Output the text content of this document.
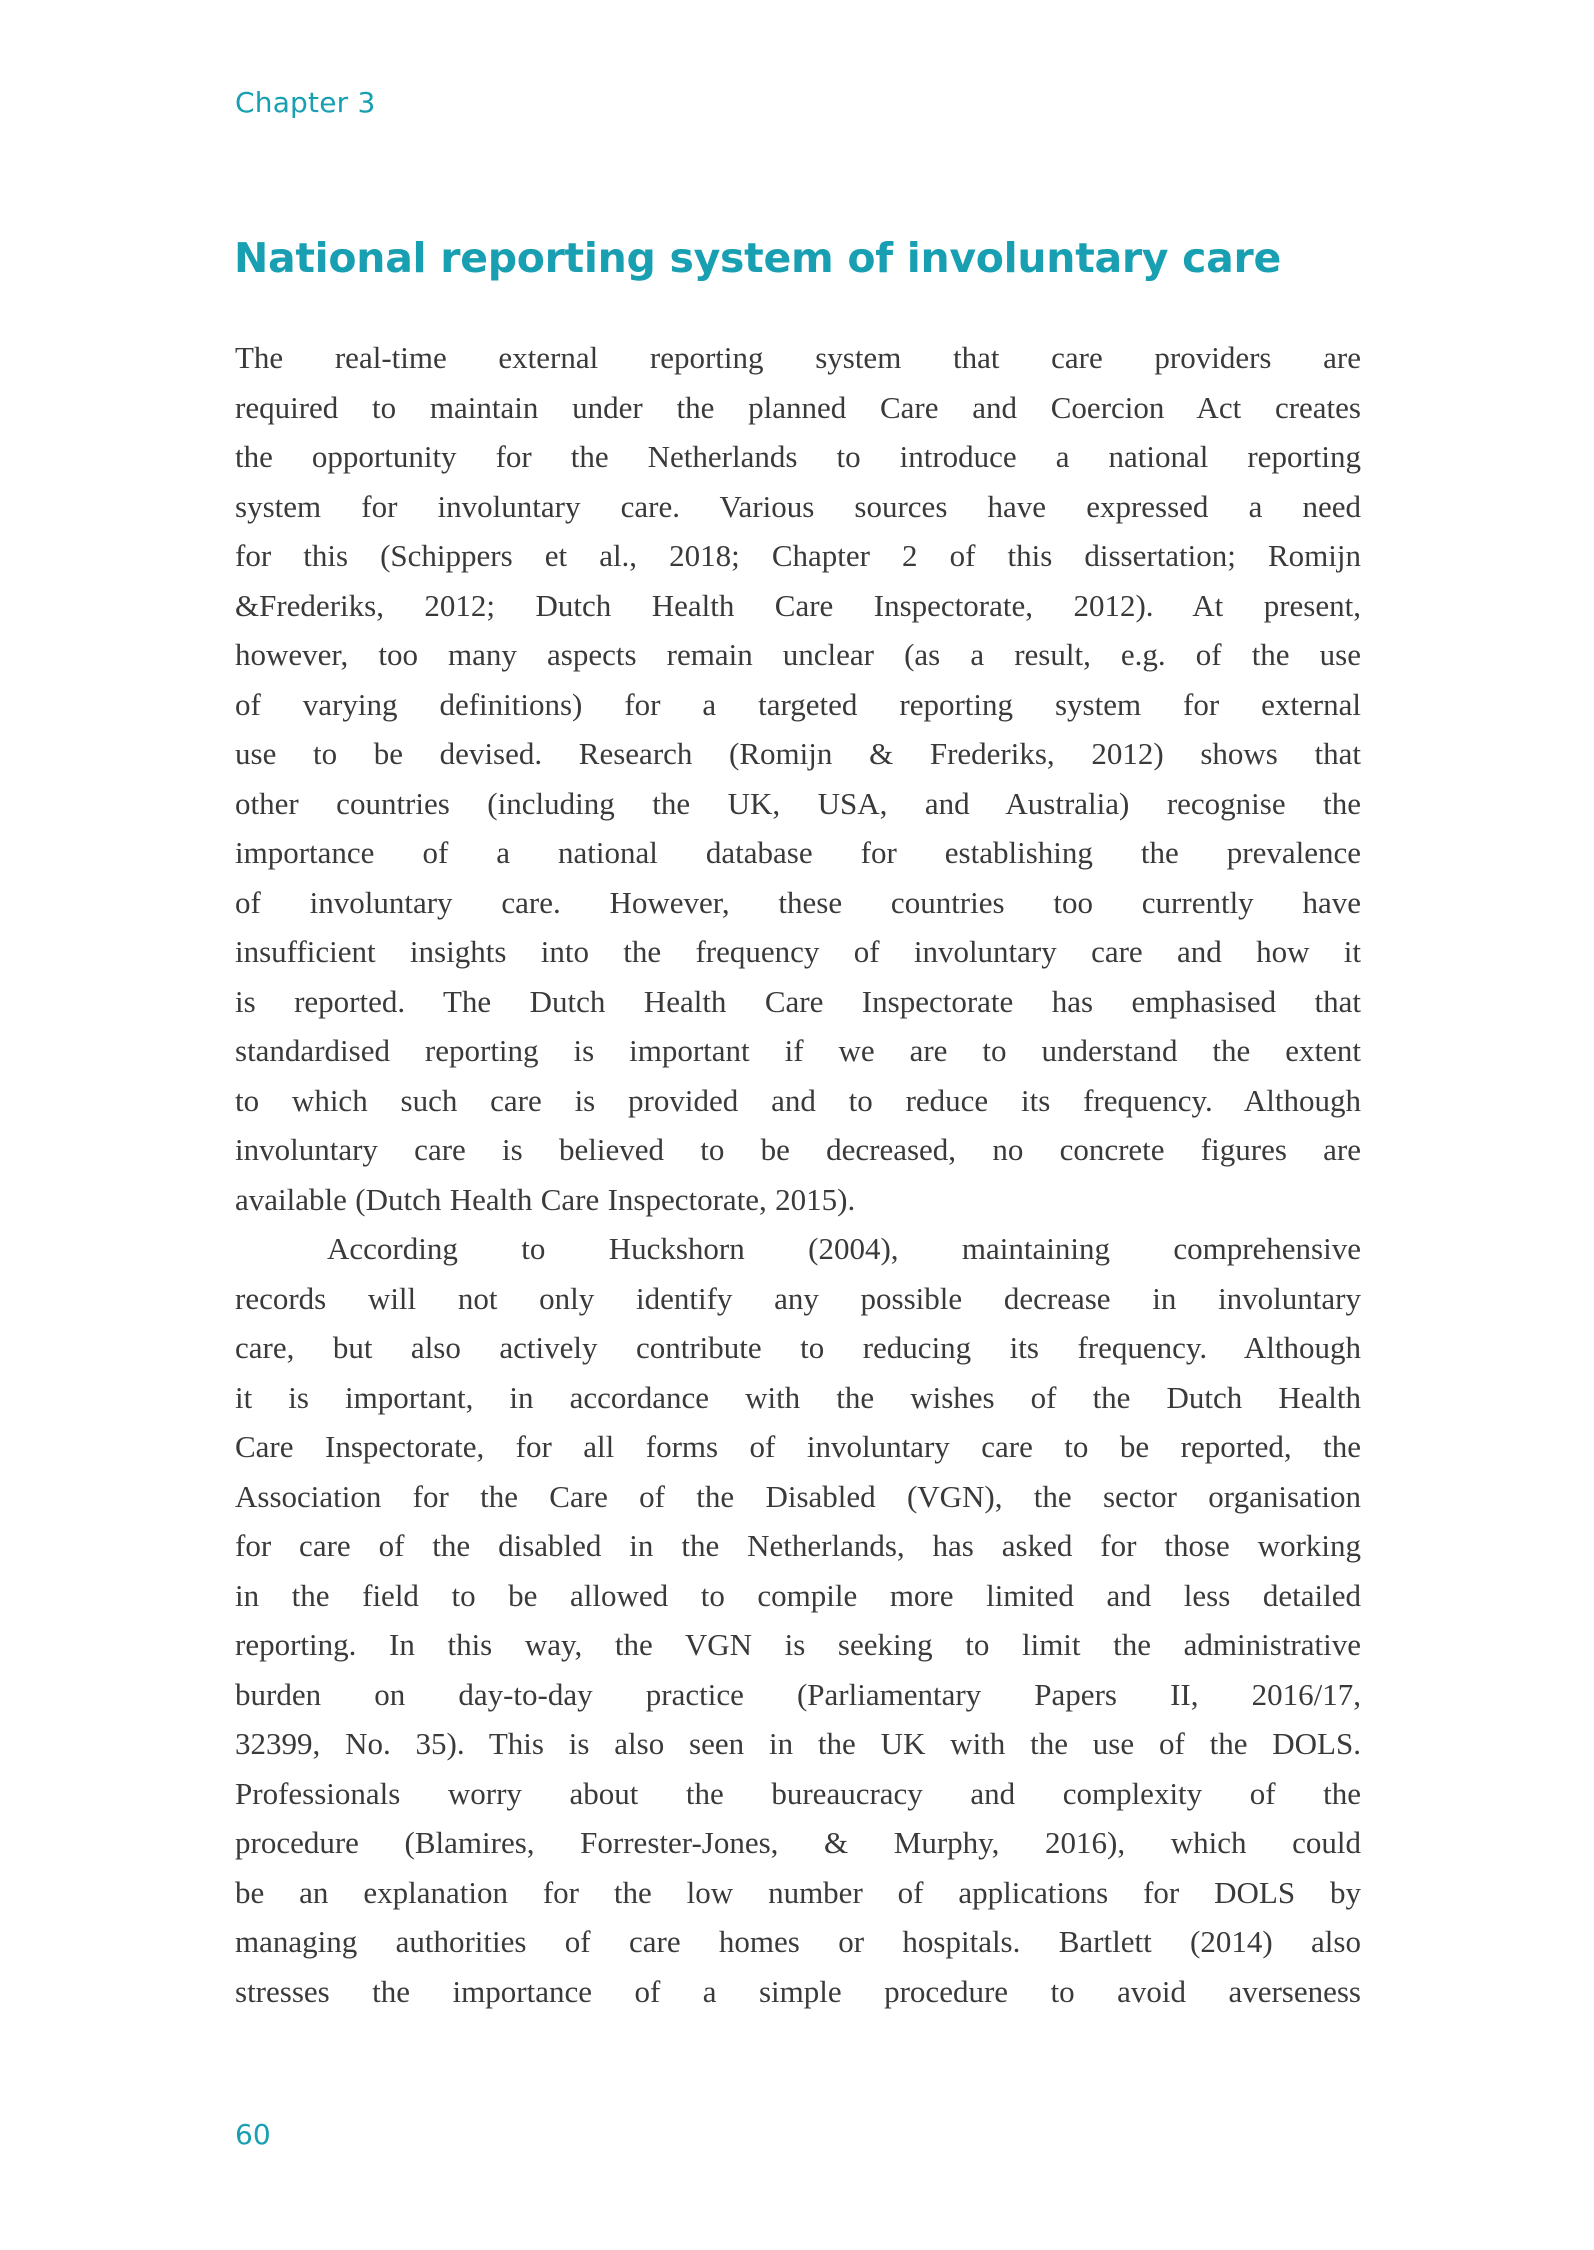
Chapter 3
National reporting system of involuntary care
The real-time external reporting system that care providers are
required to maintain under the planned Care and Coercion Act creates
the opportunity for the Netherlands to introduce a national reporting
system for involuntary care. Various sources have expressed a need
for this (Schippers et al., 2018; Chapter 2 of this dissertation; Romijn
&Frederiks, 2012; Dutch Health Care Inspectorate, 2012). At present,
however, too many aspects remain unclear (as a result, e.g. of the use
of varying definitions) for a targeted reporting system for external
use to be devised. Research (Romijn & Frederiks, 2012) shows that
other countries (including the UK, USA, and Australia) recognise the
importance of a national database for establishing the prevalence
of involuntary care. However, these countries too currently have
insufficient insights into the frequency of involuntary care and how it
is reported. The Dutch Health Care Inspectorate has emphasised that
standardised reporting is important if we are to understand the extent
to which such care is provided and to reduce its frequency. Although
involuntary care is believed to be decreased, no concrete figures are
available (Dutch Health Care Inspectorate, 2015).
According to Huckshorn (2004), maintaining comprehensive
records will not only identify any possible decrease in involuntary
care, but also actively contribute to reducing its frequency. Although
it is important, in accordance with the wishes of the Dutch Health
Care Inspectorate, for all forms of involuntary care to be reported, the
Association for the Care of the Disabled (VGN), the sector organisation
for care of the disabled in the Netherlands, has asked for those working
in the field to be allowed to compile more limited and less detailed
reporting. In this way, the VGN is seeking to limit the administrative
burden on day-to-day practice (Parliamentary Papers II, 2016/17,
32399, No. 35). This is also seen in the UK with the use of the DOLS.
Professionals worry about the bureaucracy and complexity of the
procedure (Blamires, Forrester-Jones, & Murphy, 2016), which could
be an explanation for the low number of applications for DOLS by
managing authorities of care homes or hospitals. Bartlett (2014) also
stresses the importance of a simple procedure to avoid averseness
60
